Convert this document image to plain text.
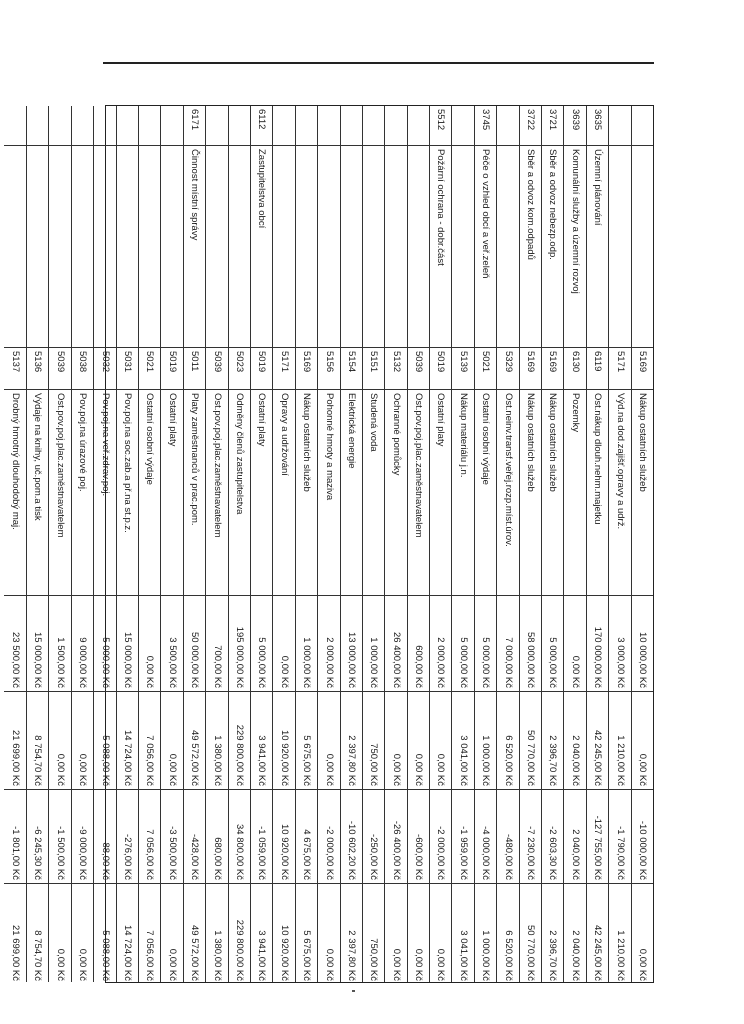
5169
Nákup ostatních služeb
10 000,00 Kč
0,00 Kč
-10 000,00 Kč
0,00 Kč
5171
Výd.na dod.zajišť.opravy a udrž.
3 000,00 Kč
1 210,00 Kč
-1 790,00 Kč
1 210,00 Kč
3635
Územní plánování
6119
Ost.nákup dlouh.nehm.majetku
170 000,00 Kč
42 245,00 Kč
-127 755,00 Kč
42 245,00 Kč
3639
Komunální služby a územní rozvoj
6130
Pozemky
0,00 Kč
2 040,00 Kč
2 040,00 Kč
2 040,00 Kč
3721
Sběr a odvoz nebezp.odp.
5169
Nákup ostatních služeb
5 000,00 Kč
2 396,70 Kč
-2 603,30 Kč
2 396,70 Kč
3722
Sběr a odvoz kom.odpadů
5169
Nákup ostatních služeb
58 000,00 Kč
50 770,00 Kč
-7 230,00 Kč
50 770,00 Kč
5329
Ost.neinv.transf.veřej.rozp.míst.úrov.
7 000,00 Kč
6 520,00 Kč
-480,00 Kč
6 520,00 Kč
3745
Péče o vzhled obcí a veř.zeleň
5021
Ostatní osobní výdaje
5 000,00 Kč
1 000,00 Kč
-4 000,00 Kč
1 000,00 Kč
5139
Nákup materiálu j.n.
5 000,00 Kč
3 041,00 Kč
-1 959,00 Kč
3 041,00 Kč
5512
Požární ochrana - dobr.část
5019
Ostatní platy
2 000,00 Kč
0,00 Kč
-2 000,00 Kč
0,00 Kč
5039
Ost.pov.poj.plac.zaměstnavatelem
600,00 Kč
0,00 Kč
-600,00 Kč
0,00 Kč
5132
Ochranné pomůcky
26 400,00 Kč
0,00 Kč
-26 400,00 Kč
0,00 Kč
5151
Studená voda
1 000,00 Kč
750,00 Kč
-250,00 Kč
750,00 Kč
5154
Elektrická energie
13 000,00 Kč
2 397,80 Kč
-10 602,20 Kč
2 397,80 Kč
5156
Pohonné hmoty a maziva
2 000,00 Kč
0,00 Kč
-2 000,00 Kč
0,00 Kč
5169
Nákup ostatních služeb
1 000,00 Kč
5 675,00 Kč
4 675,00 Kč
5 675,00 Kč
5171
Opravy a udržování
0,00 Kč
10 920,00 Kč
10 920,00 Kč
10 920,00 Kč
6112
Zastupitelstva obcí
5019
Ostatní platy
5 000,00 Kč
3 941,00 Kč
-1 059,00 Kč
3 941,00 Kč
5023
Odměny členů zastupitelstva
195 000,00 Kč
229 800,00 Kč
34 800,00 Kč
229 800,00 Kč
5039
Ost.pov.poj.plac.zaměstnavatelem
700,00 Kč
1 380,00 Kč
680,00 Kč
1 380,00 Kč
6171
Činnost místní správy
5011
Platy zaměstnanců v prac.pom.
50 000,00 Kč
49 572,00 Kč
-428,00 Kč
49 572,00 Kč
5019
Ostatní platy
3 500,00 Kč
0,00 Kč
-3 500,00 Kč
0,00 Kč
5021
Ostatní osobní výdaje
0,00 Kč
7 056,00 Kč
7 056,00 Kč
7 056,00 Kč
5031
Pov.poj.na soc.zab.a př.na st.p.z.
15 000,00 Kč
14 724,00 Kč
-276,00 Kč
14 724,00 Kč
5032
Pov.poj.na veř.zdrav.poj.
5 000,00 Kč
5 088,00 Kč
88,00 Kč
5 088,00 Kč
5038
Pov.poj.na úrazové poj.
9 000,00 Kč
0,00 Kč
-9 000,00 Kč
0,00 Kč
5039
Ost.pov.poj.plac.zaměstnavatelem
1 500,00 Kč
0,00 Kč
-1 500,00 Kč
0,00 Kč
5136
Výdaje na knihy, uč.pom.a tisk
15 000,00 Kč
8 754,70 Kč
-6 245,30 Kč
8 754,70 Kč
5137
Drobný hmotný dlouhodobý maj.
23 500,00 Kč
21 699,00 Kč
-1 801,00 Kč
21 699,00 Kč
